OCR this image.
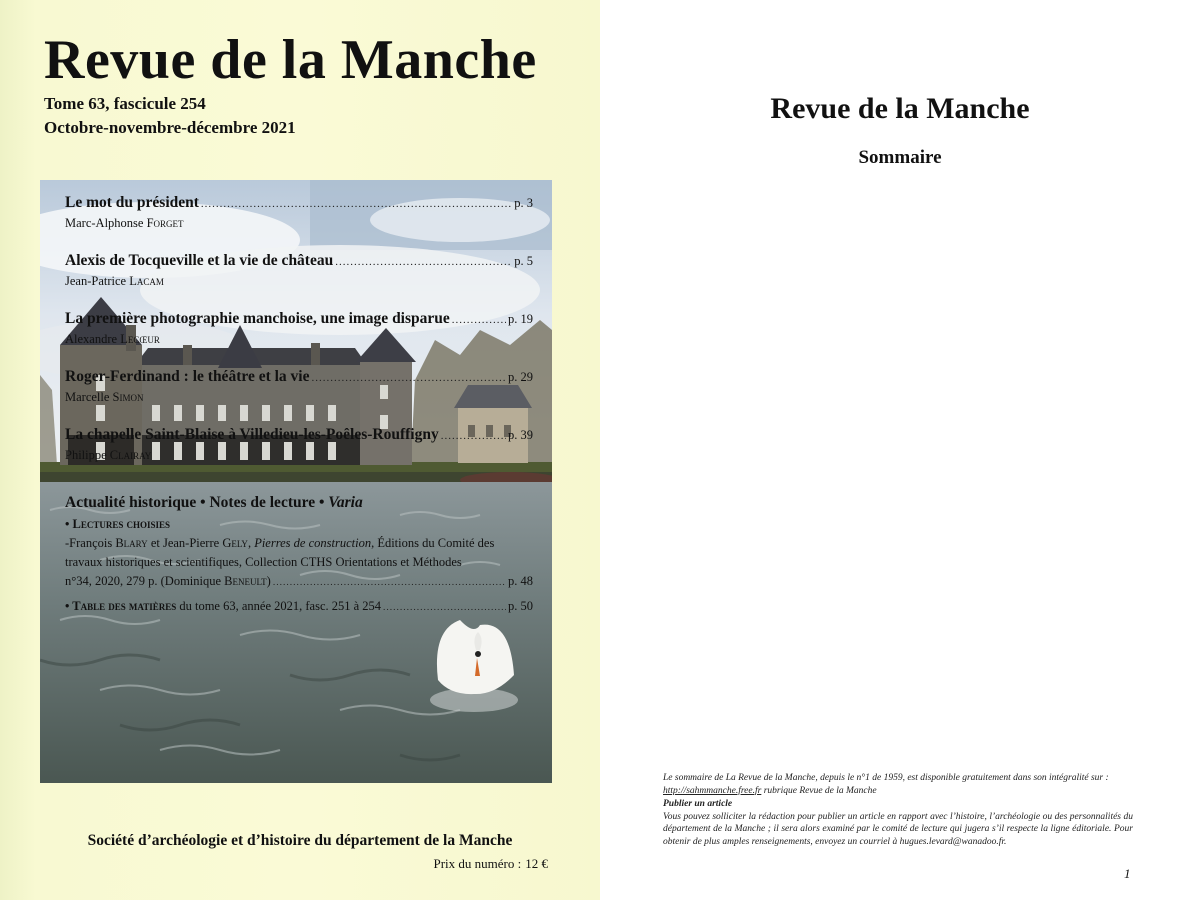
Revue de la Manche
Tome 63, fascicule 254
Octobre-novembre-décembre 2021
Société d’archéologie et d’histoire du département de la Manche
Prix du numéro : 12 €
Revue de la Manche
Sommaire
Le mot du président .....	p. 3
Marc-Alphonse Forget
Alexis de Tocqueville et la vie de château .....	p. 5
Jean-Patrice Lacam
La première photographie manchoise, une image disparue .....	p. 19
Alexandre Lecœur
Roger-Ferdinand : le théâtre et la vie .....	p. 29
Marcelle Simon
La chapelle Saint-Blaise à Villedieu-les-Poêles-Rouffigny .....	p. 39
Philippe Clairay
Actualité historique • Notes de lecture • Varia
• Lectures choisies
-François Blary et Jean-Pierre Gely, Pierres de construction, Éditions du Comité des
travaux historiques et scientifiques, Collection CTHS Orientations et Méthodes
n°34, 2020, 279 p. (Dominique Beneult) .....	p. 48
• Table des matières du tome 63, année 2021, fasc. 251 à 254 .....	p. 50
Le sommaire de La Revue de la Manche, depuis le n°1 de 1959, est disponible gratuitement dans son intégralité sur :
http://sahmmanche.free.fr rubrique Revue de la Manche
Publier un article
Vous pouvez solliciter la rédaction pour publier un article en rapport avec l’histoire, l’archéologie ou des personnalités du département de la Manche ; il sera alors examiné par le comité de lecture qui jugera s’il respecte la ligne éditoriale. Pour obtenir de plus amples renseignements, envoyez un courriel à hugues.levard@wanadoo.fr.
1
